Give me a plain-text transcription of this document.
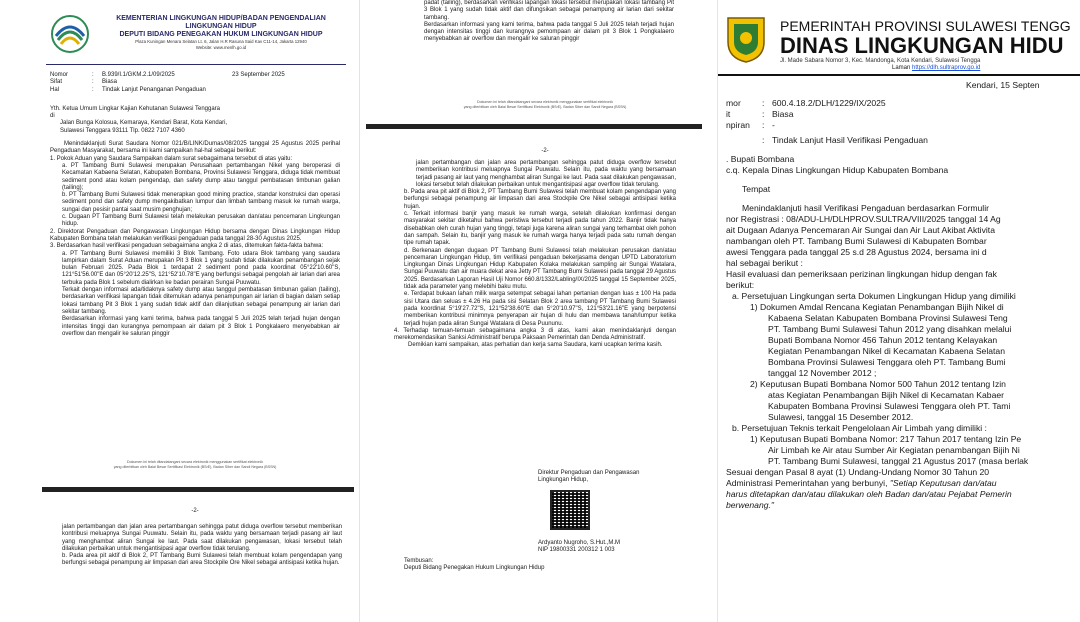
KEMENTERIAN LINGKUNGAN HIDUP/BADAN PENGENDALIAN

LINGKUNGAN HIDUP

DEPUTI BIDANG PENEGAKAN HUKUM LINGKUNGAN HIDUP

Plaza Kuningan Menara Selatan Lt. 6, Jalan H.R Rasuna Said Kav C11-14, Jakarta 12940

Website: www.menlh.go.id

Nomor	:	B.939/I.1/GKM.2.1/09/2025	23 September 2025
Sifat	:	Biasa
Hal	:	Tindak Lanjut Penanganan Pengaduan

Yth. Ketua Umum Lingkar Kajian Kehutanan Sulawesi Tenggara

di

Jalan Bunga Kolosua, Kemaraya, Kendari Barat, Kota Kendari,

Sulawesi Tenggara 93111 Tlp. 0822 7107 4360

Menindaklanjuti Surat Saudara Nomor 021/B/LINK/Dumas/08/2025 tanggal 25 Agustus 2025 perihal Pengaduan Masyarakat, bersama ini kami sampaikan hal-hal sebagai berikut:

1. Pokok Aduan yang Saudara Sampaikan dalam surat sebagaimana tersebut di atas yaitu:

a. PT Tambang Bumi Sulawesi merupakan Perusahaan pertambangan Nikel yang beroperasi di Kecamatan Kabaena Selatan, Kabupaten Bombana, Provinsi Sulawesi Tenggara, diduga tidak membuat sediment pond atau kolam pengendap, dan safety dump atau tanggul pembatasan timbunan galian (tailing);

b. PT Tambang Bumi Sulawesi tidak menerapkan good mining practice, standar konstruksi dan operasi sediment pond dan safety dump mengakibatkan lumpur dan limbah tambang masuk ke rumah warga, sungai dan pesisir pantai saat musim penghujan;

c. Dugaan PT Tambang Bumi Sulawesi telah melakukan perusakan dan/atau pencemaran Lingkungan hidup.

2. Direktorat Pengaduan dan Pengawasan Lingkungan Hidup bersama dengan Dinas Lingkungan Hidup Kabupaten Bombana telah melakukan verifikasi pengaduan pada tanggal 28-30 Agustus 2025.

3. Berdasarkan hasil verifikasi pengaduan sebagaimana angka 2 di atas, ditemukan fakta-fakta bahwa:

a. PT Tambang Bumi Sulawesi memiliki 3 Blok Tambang. Foto udara Blok tambang yang saudara lampirkan dalam Surat Aduan merupakan Pit 3 Blok 1 yang sudah tidak dilakukan penambangan sejak bulan Februari 2025. Pada Blok 1 terdapat 2 sediment pond pada koordinat 05°22'10.60"S, 121°51'56.00"E dan 05°20'12.25"S, 121°52'10.78"E yang berfungsi sebagai pengolah air larian dari area terbuka pada Blok 1 sebelum dialirkan ke badan perairan Sungai Puuwatu.

Terkait dengan informasi ada/tidaknya safety dump atau tanggul pembatasan timbunan galian (tailing), berdasarkan verifikasi lapangan tidak ditemukan adanya penampungan air larian di bagian dalam setiap lokasi tambang Pit 3 Blok 1 yang sudah tidak aktif dan dilanjutkan sebagai penampung air larian dari sekitar tambang.

Berdasarkan informasi yang kami terima, bahwa pada tanggal 5 Juli 2025 telah terjadi hujan dengan intensitas tinggi dan kurangnya pemompaan air dalam pit 3 Blok 1 Pongkalaero menyebabkan air overflow dan mengalir ke saluran pinggir

Dokumen ini telah ditandatangani secara elektronik menggunakan sertifikat elektronik

yang diterbitkan oleh Balai Besar Sertifikasi Elektronik (BSrE), Badan Siber dan Sandi Negara (BSSN)

-2-

jalan pertambangan dan jalan area pertambangan sehingga patut diduga overflow tersebut memberikan kontribusi meluapnya Sungai Puuwatu. Selain itu, pada waktu yang bersamaan terjadi pasang air laut yang menghambat aliran Sungai ke laut. Pada saat dilakukan pengawasan, lokasi tersebut telah dilakukan perbaikan untuk mengantisipasi agar overflow tidak terulang.

b. Pada area pit aktif di Blok 2, PT Tambang Bumi Sulawesi telah membuat kolam pengendapan yang berfungsi sebagai penampung air limpasan dari area Stockpile Ore Nikel sebagai antisipasi ketika hujan.

padat (tailing), berdasarkan verifikasi lapangan lokasi tersebut merupakan lokasi tambang Pit 3 Blok 1 yang sudah tidak aktif dan difungsikan sebagai penampung air larian dari sekitar tambang.

Berdasarkan informasi yang kami terima, bahwa pada tanggal 5 Juli 2025 telah terjadi hujan dengan intensitas tinggi dan kurangnya pemompaan air dalam pit 3 Blok 1 Pongkalaero menyebabkan air overflow dan mengalir ke saluran pinggir

Dokumen ini telah ditandatangani secara elektronik menggunakan sertifikat elektronik

yang diterbitkan oleh Balai Besar Sertifikasi Elektronik (BSrE), Badan Siber dan Sandi Negara (BSSN)

-2-

jalan pertambangan dan jalan area pertambangan sehingga patut diduga overflow tersebut memberikan kontribusi meluapnya Sungai Puuwatu. Selain itu, pada waktu yang bersamaan terjadi pasang air laut yang menghambat aliran Sungai ke laut. Pada saat dilakukan pengawasan, lokasi tersebut telah dilakukan perbaikan untuk mengantisipasi agar overflow tidak terulang.

b. Pada area pit aktif di Blok 2, PT Tambang Bumi Sulawesi telah membuat kolam pengendapan yang berfungsi sebagai penampung air limpasan dari area Stockpile Ore Nikel sebagai antisipasi ketika hujan.

c. Terkait informasi banjir yang masuk ke rumah warga, setelah dilakukan konfirmasi dengan masyarakat sekitar diketahui bahwa peristiwa tersebut terjadi pada tahun 2022. Banjir tidak hanya disebabkan oleh curah hujan yang tinggi, tetapi juga karena aliran sungai yang terhambat oleh pohon dan sampah. Selain itu, banjir yang masuk ke rumah warga hanya terjadi pada satu rumah dengan tipe rumah tapak.

d. Berkenaan dengan dugaan PT Tambang Bumi Sulawesi telah melakukan perusakan dan/atau pencemaran Lingkungan Hidup, tim verifikasi pengaduan bekerjasama dengan UPTD Laboratorium Lingkungan Dinas Lingkungan Hidup Kabupaten Kolaka melakukan sampling air Sungai Watalara, Sungai Puuwatu dan air muara dekat area Jetty PT Tambang Bumi Sulawesi pada tanggal 29 Agustus 2025. Berdasarkan Laporan Hasil Uji Nomor 660.8/1332/Labling/IX/2025 tanggal 15 September 2025, tidak ada parameter yang melebihi baku mutu.

e. Terdapat bukaan lahan milik warga setempat sebagai lahan pertanian dengan luas ± 100 Ha pada sisi Utara dan seluas ± 4.26 Ha pada sisi Selatan Blok 2 area tambang PT Tambang Bumi Sulawesi pada koordinat 5°19'27.72"S, 121°52'38.60"E dan 5°20'10.97"S, 121°53'21.16"E yang berpotensi memberikan kontribusi minimnya penyerapan air hujan di hulu dan membawa tanah/lumpur ketika terjadi hujan pada aliran Sungai Watalara di Desa Puununu.

4. Terhadap temuan-temuan sebagaimana angka 3 di atas, kami akan menindaklanjuti dengan merekomendasikan Sanksi Administratif berupa Paksaan Pemerintah dan Denda Administratif.

Demikian kami sampaikan, atas perhatian dan kerja sama Saudara, kami ucapkan terima kasih.

Direktur Pengaduan dan Pengawasan

Lingkungan Hidup,

Ardyanto Nugroho, S.Hut.,M.M

NIP 19800331 200312 1 003

Tembusan:

Deputi Bidang Penegakan Hukum Lingkungan Hidup

PEMERINTAH PROVINSI SULAWESI TENGG

DINAS LINGKUNGAN HIDU

Jl. Made Sabara Nomor 3, Kec. Mandonga, Kota Kendari, Sulawesi Tengga

Laman https://dlh.sultraprov.go.id

Kendari, 15 Septen

mor	: 600.4.18.2/DLH/1229/IX/2025
it	: Biasa
npiran	: -
: Tindak Lanjut Hasil Verifikasi Pengaduan

. Bupati Bombana

c.q. Kepala Dinas Lingkungan Hidup Kabupaten Bombana

Tempat

Menindaklanjuti hasil Verifikasi Pengaduan berdasarkan Formulir

nor Registrasi : 08/ADU-LH/DLHPROV.SULTRA/VIII/2025 tanggal 14 Ag

ait Dugaan Adanya Pencemaran Air Sungai dan Air Laut Akibat Aktivita

nambangan oleh PT. Tambang Bumi Sulawesi di Kabupaten Bombar

awesi Tenggara pada tanggal 25 s.d 28 Agustus 2024, bersama ini d

hal sebagai berikut :

Hasil evaluasi dan pemeriksaan perizinan lingkungan hidup dengan fak

berikut:

a. Persetujuan Lingkungan serta Dokumen Lingkungan Hidup yang dimiliki

1) Dokumen Amdal Rencana Kegiatan Penambangan Bijih Nikel di

Kabaena Selatan Kabupaten Bombana Provinsi Sulawesi Teng

PT. Tambang Bumi Sulawesi Tahun 2012 yang disahkan melalui

Bupati Bombana Nomor 456 Tahun 2012 tentang Kelayakan

Kegiatan Penambangan Nikel di Kecamatan Kabaena Selatan

Bombana Provinsi Sulawesi Tenggara oleh PT. Tambang Bumi

tanggal 12 November 2012 ;

2) Keputusan Bupati Bombana Nomor 500 Tahun 2012 tentang Izin

atas Kegiatan Penambangan Bijih Nikel di Kecamatan Kabaer

Kabupaten Bombana Provinsi Sulawesi Tenggara oleh PT. Tami

Sulawesi, tanggal 15 Desember 2012.

b. Persetujuan Teknis terkait Pengelolaan Air Limbah yang dimiliki :

1) Keputusan Bupati Bombana Nomor: 217 Tahun 2017 tentang Izin Pe

Air Limbah ke Air atau Sumber Air Kegiatan penambangan Bijih Ni

PT. Tambang Bumi Sulawesi, tanggal 21 Agustus 2017 (masa berlak

Sesuai dengan Pasal 8 ayat (1) Undang-Undang Nomor 30 Tahun 20

Administrasi Pemerintahan yang berbunyi, "Setiap Keputusan dan/atau

harus ditetapkan dan/atau dilakukan oleh Badan dan/atau Pejabat Pemerin

berwenang."
